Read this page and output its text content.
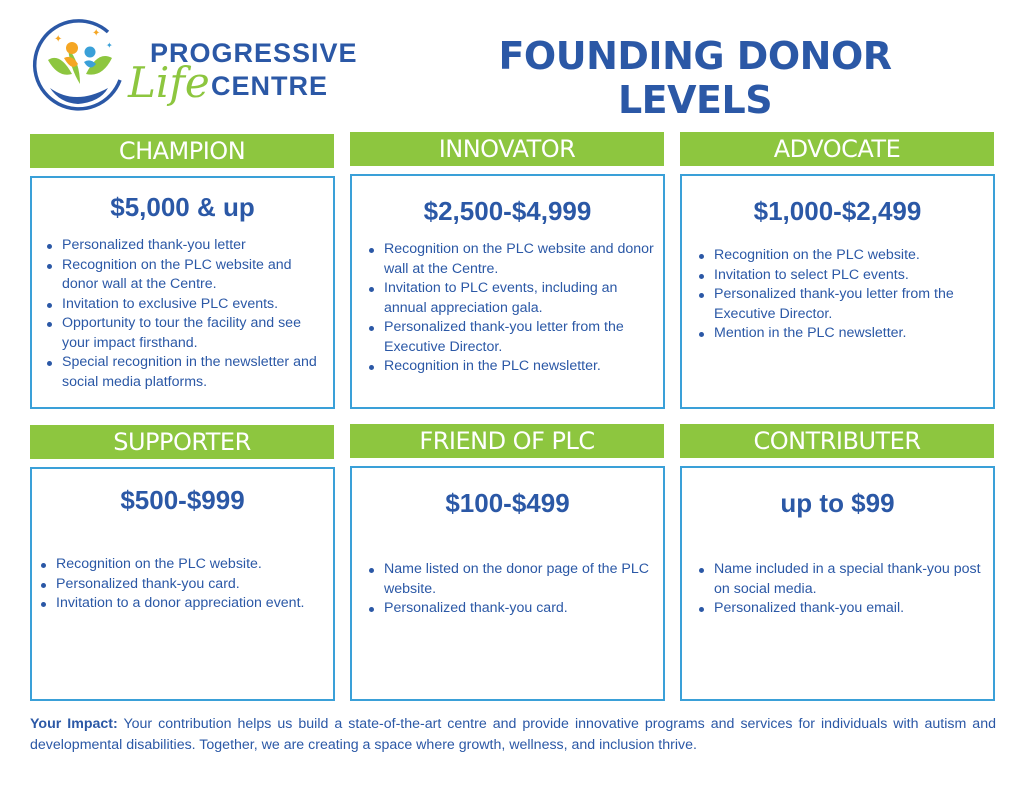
✦
✦
✦ PROGRESSIVE
Life CENTRE
FOUNDING DONOR LEVELS
CHAMPION
$5,000 & up
Personalized thank-you letter
Recognition on the PLC website and donor wall at the Centre.
Invitation to exclusive PLC events.
Opportunity to tour the facility and see your impact firsthand.
Special recognition in the newsletter and social media platforms.
INNOVATOR
$2,500-$4,999
Recognition on the PLC website and donor wall at the Centre.
Invitation to PLC events, including an annual appreciation gala.
Personalized thank-you letter from the Executive Director.
Recognition in the PLC newsletter.
ADVOCATE
$1,000-$2,499
Recognition on the PLC website.
Invitation to select PLC events.
Personalized thank-you letter from the Executive Director.
Mention in the PLC newsletter.
SUPPORTER
$500-$999
Recognition on the PLC website.
Personalized thank-you card.
Invitation to a donor appreciation event.
FRIEND OF PLC
$100-$499
Name listed on the donor page of the PLC website.
Personalized thank-you card.
CONTRIBUTER
up to $99
Name included in a special thank-you post on social media.
Personalized thank-you email.
Your Impact: Your contribution helps us build a state-of-the-art centre and provide innovative programs and services for individuals with autism and developmental disabilities. Together, we are creating a space where growth, wellness, and inclusion thrive.
